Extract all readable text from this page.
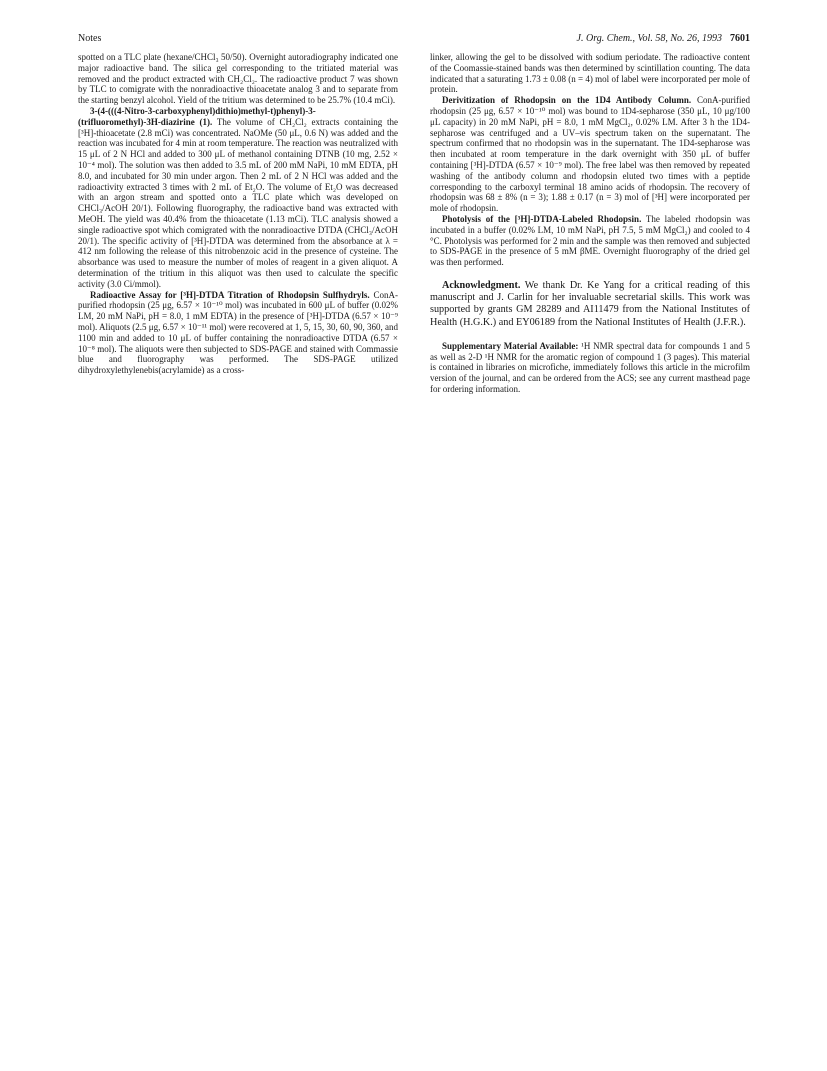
Notes	J. Org. Chem., Vol. 58, No. 26, 1993 7601

spotted on a TLC plate (hexane/CHCl₃ 50/50). Overnight autoradiography indicated one major radioactive band. The silica gel corresponding to the tritiated material was removed and the product extracted with CH₂Cl₂. The radioactive product 7 was shown by TLC to comigrate with the nonradioactive thioacetate analog 3 and to separate from the starting benzyl alcohol. Yield of the tritium was determined to be 25.7% (10.4 mCi).

3-(4-(((4-Nitro-3-carboxyphenyl)dithio)methyl-t)phenyl)-3-(trifluoromethyl)-3H-diazirine (1). The volume of CH₂Cl₂ extracts containing the [³H]-thioacetate (2.8 mCi) was concentrated. NaOMe (50 μL, 0.6 N) was added and the reaction was incubated for 4 min at room temperature. The reaction was neutralized with 15 μL of 2 N HCl and added to 300 μL of methanol containing DTNB (10 mg, 2.52 × 10⁻⁴ mol). The solution was then added to 3.5 mL of 200 mM NaPi, 10 mM EDTA, pH 8.0, and incubated for 30 min under argon. Then 2 mL of 2 N HCl was added and the radioactivity extracted 3 times with 2 mL of Et₂O. The volume of Et₂O was decreased with an argon stream and spotted onto a TLC plate which was developed on CHCl₃/AcOH 20/1). Following fluorography, the radioactive band was extracted with MeOH. The yield was 40.4% from the thioacetate (1.13 mCi). TLC analysis showed a single radioactive spot which comigrated with the nonradioactive DTDA (CHCl₃/AcOH 20/1). The specific activity of [³H]-DTDA was determined from the absorbance at λ = 412 nm following the release of this nitrobenzoic acid in the presence of cysteine. The absorbance was used to measure the number of moles of reagent in a given aliquot. A determination of the tritium in this aliquot was then used to calculate the specific activity (3.0 Ci/mmol).

Radioactive Assay for [³H]-DTDA Titration of Rhodopsin Sulfhydryls. ConA-purified rhodopsin (25 μg, 6.57 × 10⁻¹⁰ mol) was incubated in 600 μL of buffer (0.02% LM, 20 mM NaPi, pH = 8.0, 1 mM EDTA) in the presence of [³H]-DTDA (6.57 × 10⁻⁹ mol). Aliquots (2.5 μg, 6.57 × 10⁻¹¹ mol) were recovered at 1, 5, 15, 30, 60, 90, 360, and 1100 min and added to 10 μL of buffer containing the nonradioactive DTDA (6.57 × 10⁻⁸ mol). The aliquots were then subjected to SDS-PAGE and stained with Commassie blue and fluorography was performed. The SDS-PAGE utilized dihydroxylethylenebis(acrylamide) as a cross-

linker, allowing the gel to be dissolved with sodium periodate. The radioactive content of the Coomassie-stained bands was then determined by scintillation counting. The data indicated that a saturating 1.73 ± 0.08 (n = 4) mol of label were incorporated per mole of protein.

Derivitization of Rhodopsin on the 1D4 Antibody Column. ConA-purified rhodopsin (25 μg, 6.57 × 10⁻¹⁰ mol) was bound to 1D4-sepharose (350 μL, 10 μg/100 μL capacity) in 20 mM NaPi, pH = 8.0, 1 mM MgCl₂, 0.02% LM. After 3 h the 1D4-sepharose was centrifuged and a UV–vis spectrum taken on the supernatant. The spectrum confirmed that no rhodopsin was in the supernatant. The 1D4-sepharose was then incubated at room temperature in the dark overnight with 350 μL of buffer containing [³H]-DTDA (6.57 × 10⁻⁹ mol). The free label was then removed by repeated washing of the antibody column and rhodopsin eluted two times with a peptide corresponding to the carboxyl terminal 18 amino acids of rhodopsin. The recovery of rhodopsin was 68 ± 8% (n = 3); 1.88 ± 0.17 (n = 3) mol of [³H] were incorporated per mole of rhodopsin.

Photolysis of the [³H]-DTDA-Labeled Rhodopsin. The labeled rhodopsin was incubated in a buffer (0.02% LM, 10 mM NaPi, pH 7.5, 5 mM MgCl₂) and cooled to 4 °C. Photolysis was performed for 2 min and the sample was then removed and subjected to SDS-PAGE in the presence of 5 mM βME. Overnight fluorography of the dried gel was then performed.

Acknowledgment. We thank Dr. Ke Yang for a critical reading of this manuscript and J. Carlin for her invaluable secretarial skills. This work was supported by grants GM 28289 and AI11479 from the National Institutes of Health (H.G.K.) and EY06189 from the National Institutes of Health (J.F.R.).

Supplementary Material Available: ¹H NMR spectral data for compounds 1 and 5 as well as 2-D ¹H NMR for the aromatic region of compound 1 (3 pages). This material is contained in libraries on microfiche, immediately follows this article in the microfilm version of the journal, and can be ordered from the ACS; see any current masthead page for ordering information.
